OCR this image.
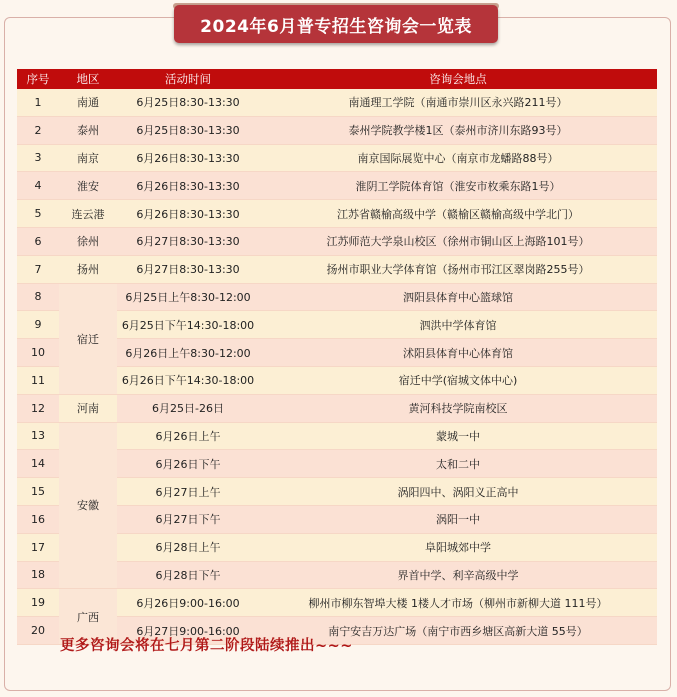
2024年6月普专招生咨询会一览表
序号	地区	活动时间	咨询会地点
1	南通	6月25日8:30-13:30	南通理工学院（南通市崇川区永兴路211号）
2	泰州	6月25日8:30-13:30	泰州学院教学楼1区（泰州市济川东路93号）
3	南京	6月26日8:30-13:30	南京国际展览中心（南京市龙蟠路88号）
4	淮安	6月26日8:30-13:30	淮阴工学院体育馆（淮安市枚乘东路1号）
5	连云港	6月26日8:30-13:30	江苏省赣榆高级中学（赣榆区赣榆高级中学北门）
6	徐州	6月27日8:30-13:30	江苏师范大学泉山校区（徐州市铜山区上海路101号）
7	扬州	6月27日8:30-13:30	扬州市职业大学体育馆（扬州市邗江区翠岗路255号）
8	宿迁	6月25日上午8:30-12:00	泗阳县体育中心篮球馆
9		6月25日下午14:30-18:00	泗洪中学体育馆
10		6月26日上午8:30-12:00	沭阳县体育中心体育馆
11		6月26日下午14:30-18:00	宿迁中学(宿城文体中心)
12	河南	6月25日-26日	黄河科技学院南校区
13	安徽	6月26日上午	蒙城一中
14		6月26日下午	太和二中
15		6月27日上午	涡阳四中、涡阳义正高中
16		6月27日下午	涡阳一中
17		6月28日上午	阜阳城郊中学
18		6月28日下午	界首中学、利辛高级中学
19	广西	6月26日9:00-16:00	柳州市柳东智埠大楼 1楼人才市场（柳州市新柳大道 111号）
20		6月27日9:00-16:00	南宁安吉万达广场（南宁市西乡塘区高新大道 55号）
更多咨询会将在七月第二阶段陆续推出~~~
